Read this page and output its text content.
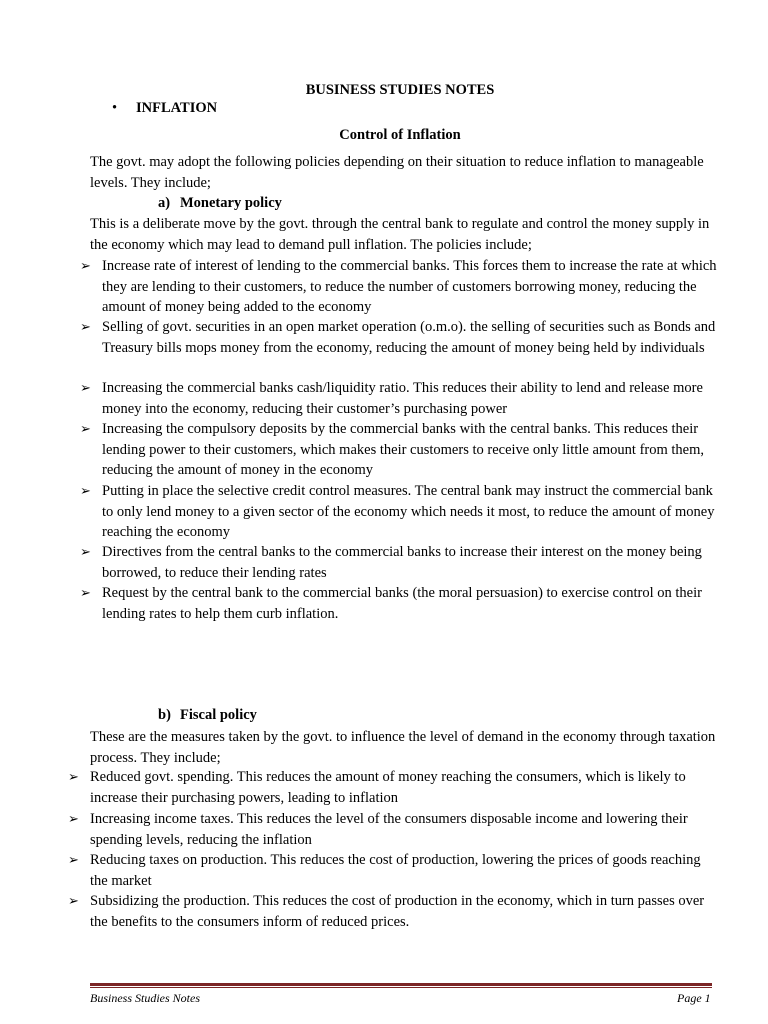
BUSINESS STUDIES NOTES
• INFLATION
Control of Inflation
The govt. may adopt the following policies depending on their situation to reduce inflation to manageable levels. They include;
a) Monetary policy
This is a deliberate move by the govt. through the central bank to regulate and control the money supply in the economy which may lead to demand pull inflation. The policies include;
➢ Increase rate of interest of lending to the commercial banks. This forces them to increase the rate at which they are lending to their customers, to reduce the number of customers borrowing money, reducing the amount of money being added to the economy
➢ Selling of govt. securities in an open market operation (o.m.o). the selling of securities such as Bonds and Treasury bills mops money from the economy, reducing the amount of money being held by individuals
➢ Increasing the commercial banks cash/liquidity ratio. This reduces their ability to lend and release more money into the economy, reducing their customer’s purchasing power
➢ Increasing the compulsory deposits by the commercial banks with the central banks. This reduces their lending power to their customers, which makes their customers to receive only little amount from them, reducing the amount of money in the economy
➢ Putting in place the selective credit control measures. The central bank may instruct the commercial bank to only lend money to a given sector of the economy which needs it most, to reduce the amount of money reaching the economy
➢ Directives from the central banks to the commercial banks to increase their interest on the money being borrowed, to reduce their lending rates
➢ Request by the central bank to the commercial banks (the moral persuasion) to exercise control on their lending rates to help them curb inflation.
b) Fiscal policy
These are the measures taken by the govt. to influence the level of demand in the economy through taxation process. They include;
➢ Reduced govt. spending. This reduces the amount of money reaching the consumers, which is likely to increase their purchasing powers, leading to inflation
➢ Increasing income taxes. This reduces the level of the consumers disposable income and lowering their spending levels, reducing the inflation
➢ Reducing taxes on production. This reduces the cost of production, lowering the prices of goods reaching the market
➢ Subsidizing the production. This reduces the cost of production in the economy, which in turn passes over the benefits to the consumers inform of reduced prices.
Business Studies Notes	Page 1
